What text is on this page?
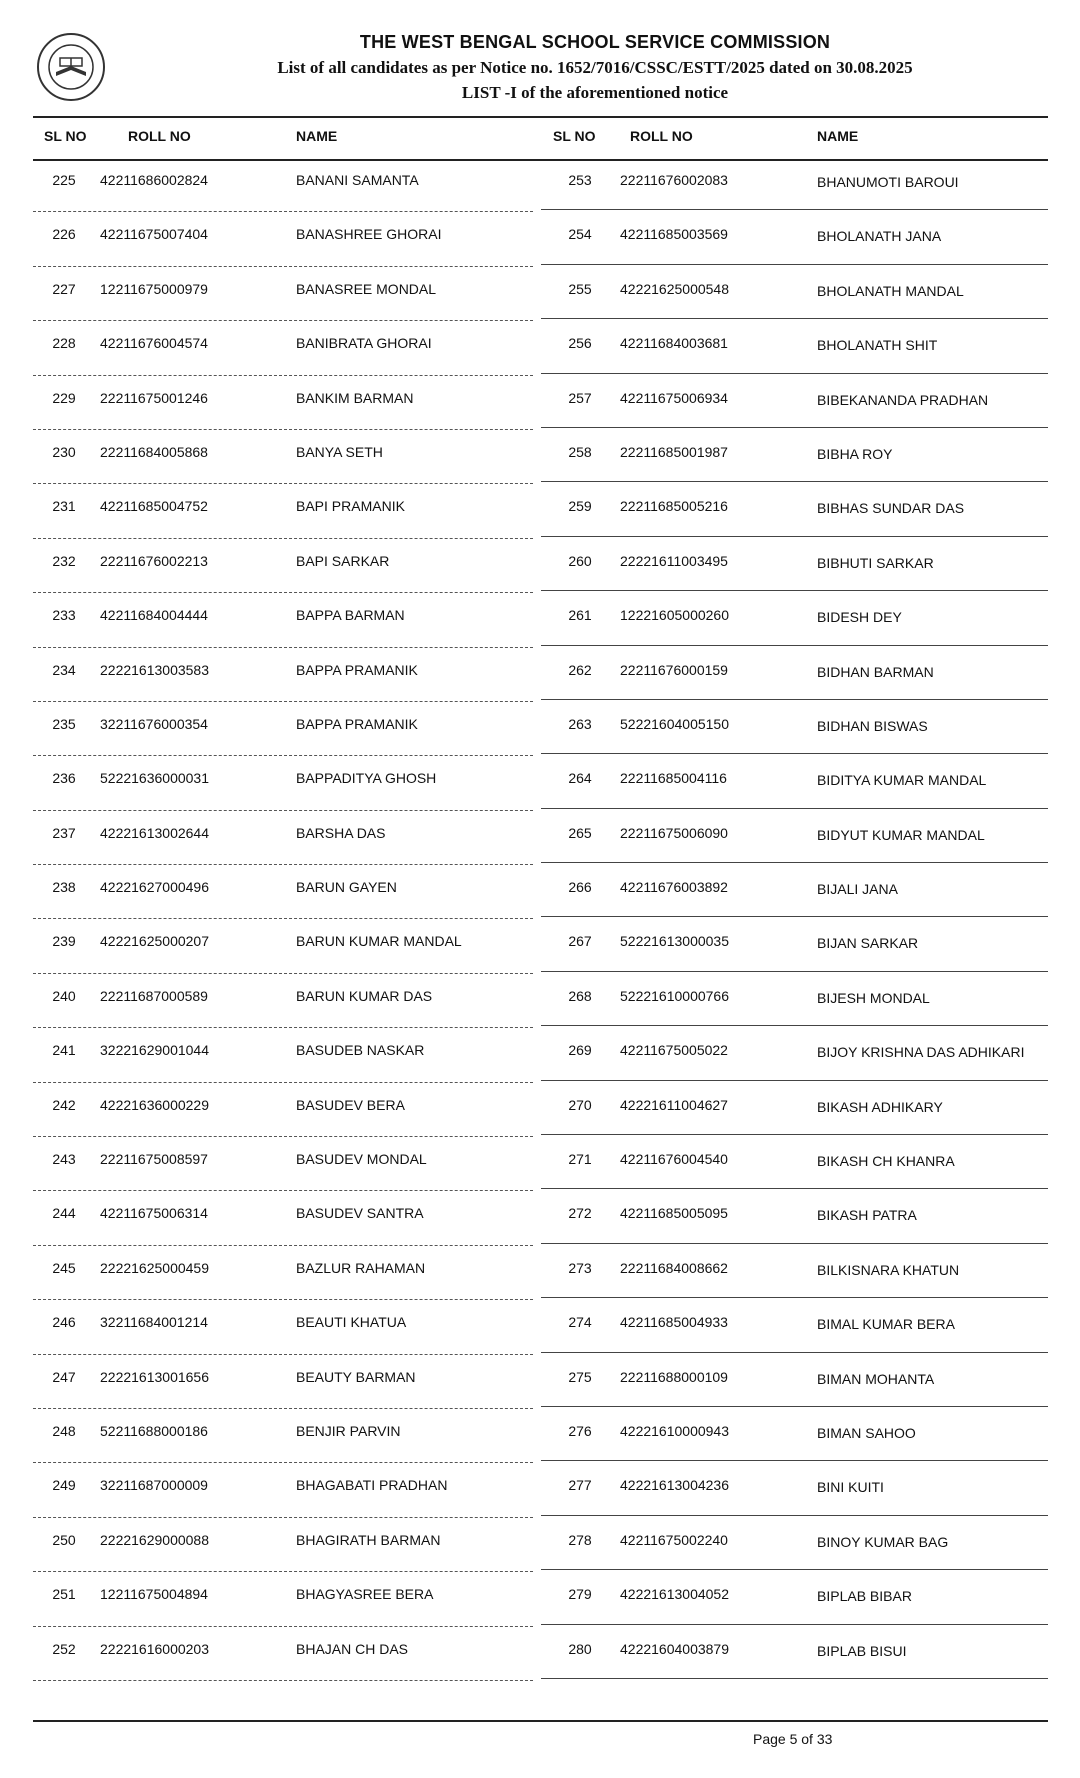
THE WEST BENGAL SCHOOL SERVICE COMMISSION
List of all candidates as per Notice no. 1652/7016/CSSC/ESTT/2025 dated on 30.08.2025
LIST -I of the aforementioned notice
SL NO	ROLL NO	NAME	SL NO ROLL NO	NAME
225	42211686002824	BANANI SAMANTA	253	22211676002083	BHANUMOTI BAROUI
226	42211675007404	BANASHREE GHORAI	254	42211685003569	BHOLANATH JANA
227	12211675000979	BANASREE MONDAL	255	42221625000548	BHOLANATH MANDAL
228	42211676004574	BANIBRATA GHORAI	256	42211684003681	BHOLANATH SHIT
229	22211675001246	BANKIM BARMAN	257	42211675006934	BIBEKANANDA PRADHAN
230	22211684005868	BANYA SETH	258	22211685001987	BIBHA ROY
231	42211685004752	BAPI PRAMANIK	259	22211685005216	BIBHAS SUNDAR DAS
232	22211676002213	BAPI SARKAR	260	22221611003495	BIBHUTI SARKAR
233	42211684004444	BAPPA BARMAN	261	12221605000260	BIDESH DEY
234	22221613003583	BAPPA PRAMANIK	262	22211676000159	BIDHAN BARMAN
235	32211676000354	BAPPA PRAMANIK	263	52221604005150	BIDHAN BISWAS
236	52221636000031	BAPPADITYA GHOSH	264	22211685004116	BIDITYA KUMAR MANDAL
237	42221613002644	BARSHA DAS	265	22211675006090	BIDYUT KUMAR MANDAL
238	42221627000496	BARUN GAYEN	266	42211676003892	BIJALI JANA
239	42221625000207	BARUN KUMAR MANDAL	267	52221613000035	BIJAN SARKAR
240	22211687000589	BARUN KUMAR DAS	268	52221610000766	BIJESH MONDAL
241	32221629001044	BASUDEB NASKAR	269	42211675005022	BIJOY KRISHNA DAS ADHIKARI
242	42221636000229	BASUDEV BERA	270	42221611004627	BIKASH ADHIKARY
243	22211675008597	BASUDEV MONDAL	271	42211676004540	BIKASH CH KHANRA
244	42211675006314	BASUDEV SANTRA	272	42211685005095	BIKASH PATRA
245	22221625000459	BAZLUR RAHAMAN	273	22211684008662	BILKISNARA KHATUN
246	32211684001214	BEAUTI KHATUA	274	42211685004933	BIMAL KUMAR BERA
247	22221613001656	BEAUTY BARMAN	275	22211688000109	BIMAN MOHANTA
248	52211688000186	BENJIR PARVIN	276	42221610000943	BIMAN SAHOO
249	32211687000009	BHAGABATI PRADHAN	277	42221613004236	BINI KUITI
250	22221629000088	BHAGIRATH BARMAN	278	42211675002240	BINOY KUMAR BAG
251	12211675004894	BHAGYASREE BERA	279	42221613004052	BIPLAB BIBAR
252	22221616000203	BHAJAN CH DAS	280	42221604003879	BIPLAB BISUI
Page 5 of 33
